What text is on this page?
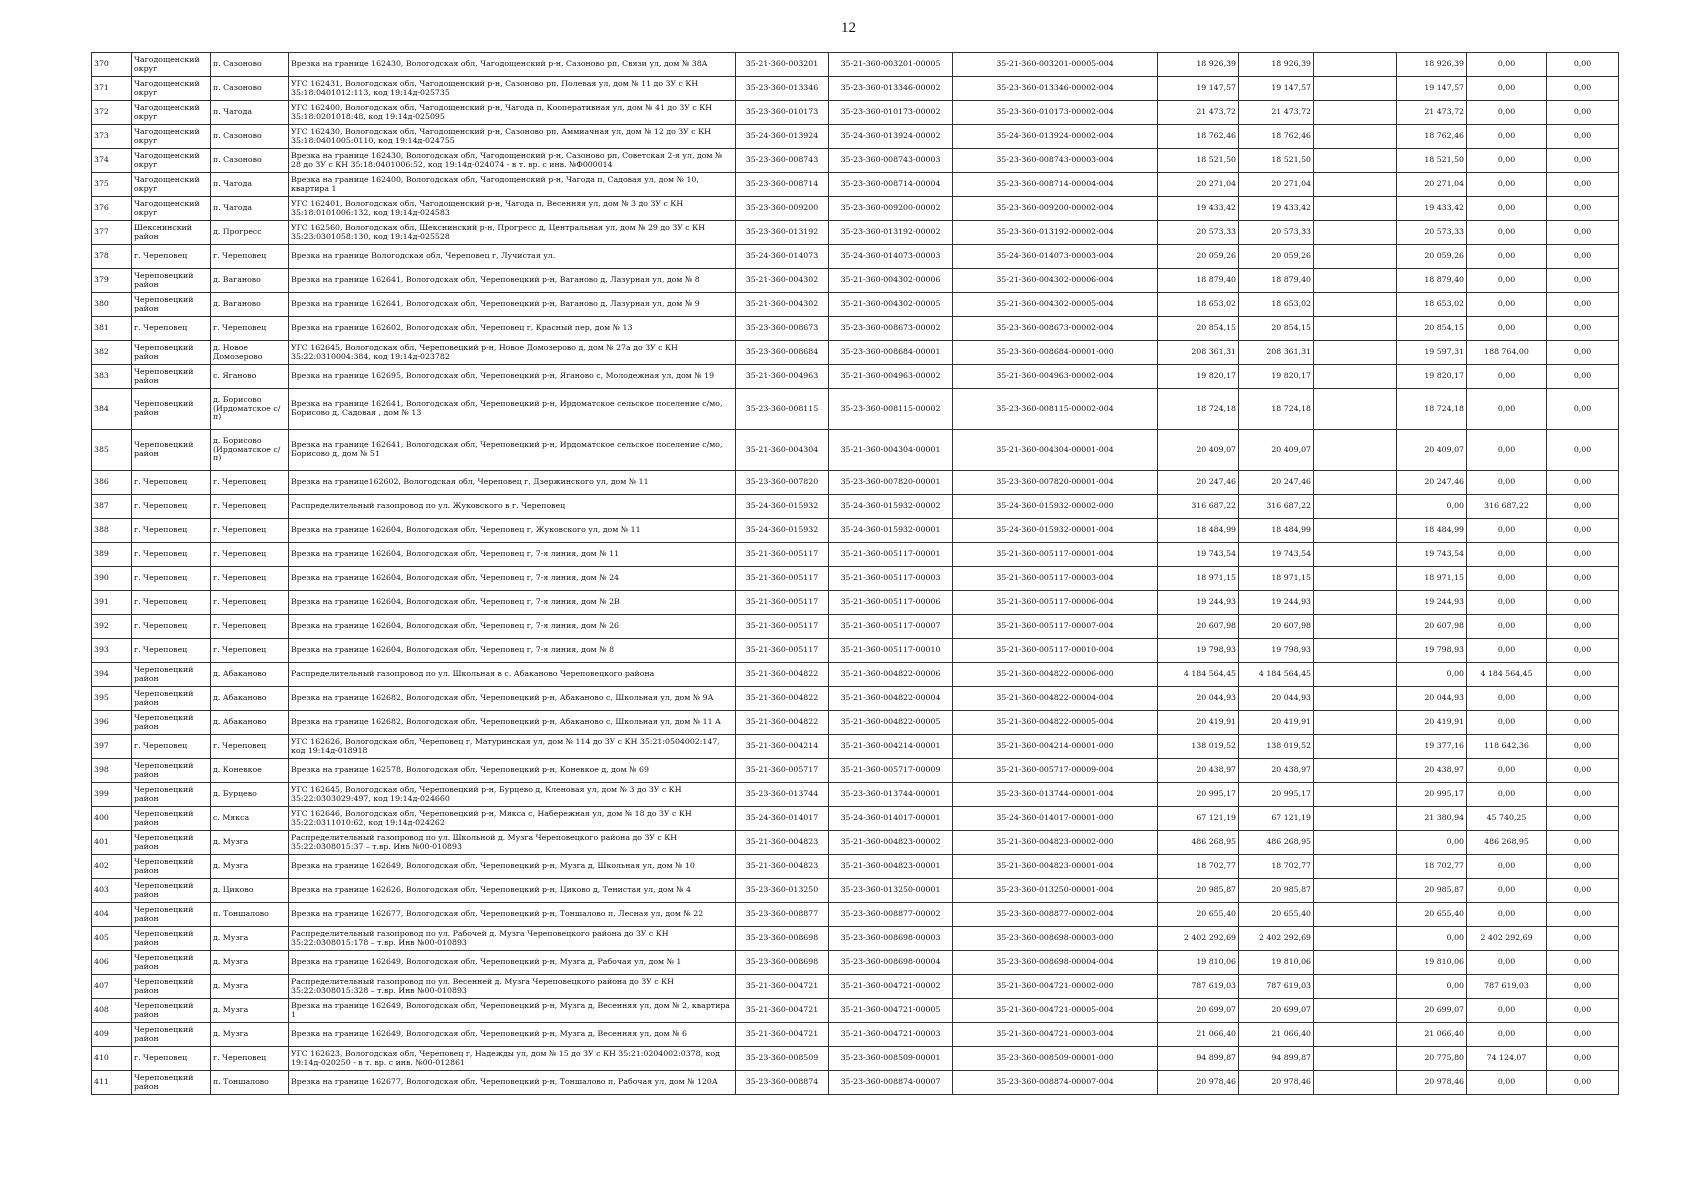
12
370	Чагодощенский округ	п. Сазоново	Врезка на границе 162430, Вологодская обл, Чагодощенский р-н, Сазоново рп, Связи ул, дом № 38А	35-21-360-003201	35-21-360-003201-00005	35-21-360-003201-00005-004	18 926,39	18 926,39		18 926,39	0,00	0,00
371	Чагодощенский округ	п. Сазоново	УГС 162431, Вологодская обл, Чагодощенский р-н, Сазоново рп, Полевая ул, дом № 11 до ЗУ с КН 35:18:0401012:113, код 19:14д-025735	35-23-360-013346	35-23-360-013346-00002	35-23-360-013346-00002-004	19 147,57	19 147,57		19 147,57	0,00	0,00
372	Чагодощенский округ	п. Чагода	УГС 162400, Вологодская обл, Чагодощенский р-н, Чагода п, Кооперативная ул, дом № 41 до ЗУ с КН 35:18:0201018:48, код 19:14д-025095	35-23-360-010173	35-23-360-010173-00002	35-23-360-010173-00002-004	21 473,72	21 473,72		21 473,72	0,00	0,00
373	Чагодощенский округ	п. Сазоново	УГС 162430, Вологодская обл, Чагодощенский р-н, Сазоново рп, Аммиачная ул, дом № 12 до ЗУ с КН 35:18:0401005:0110, код 19:14д-024755	35-24-360-013924	35-24-360-013924-00002	35-24-360-013924-00002-004	18 762,46	18 762,46		18 762,46	0,00	0,00
374	Чагодощенский округ	п. Сазоново	Врезка на границе 162430, Вологодская обл, Чагодощенский р-н, Сазоново рп, Советская 2-я ул, дом № 28 до ЗУ с КН 35:18:0401006:52, код 19:14д-024074 - в т. вр. с инв. №Ф000014	35-23-360-008743	35-23-360-008743-00003	35-23-360-008743-00003-004	18 521,50	18 521,50		18 521,50	0,00	0,00
375	Чагодощенский округ	п. Чагода	Врезка на границе 162400, Вологодская обл, Чагодощенский р-н, Чагода п, Садовая ул, дом № 10, квартира 1	35-23-360-008714	35-23-360-008714-00004	35-23-360-008714-00004-004	20 271,04	20 271,04		20 271,04	0,00	0,00
376	Чагодощенский округ	п. Чагода	УГС 162401, Вологодская обл, Чагодощенский р-н, Чагода п, Весенняя ул, дом № 3 до ЗУ с КН 35:18:0101006:132, код 19:14д-024583	35-23-360-009200	35-23-360-009200-00002	35-23-360-009200-00002-004	19 433,42	19 433,42		19 433,42	0,00	0,00
377	Шекснинский район	д. Прогресс	УГС 162560, Вологодская обл, Шекснинский р-н, Прогресс д, Центральная ул, дом № 29 до ЗУ с КН 35:23:0301058:130, код 19:14д-025528	35-23-360-013192	35-23-360-013192-00002	35-23-360-013192-00002-004	20 573,33	20 573,33		20 573,33	0,00	0,00
378	г. Череповец	г. Череповец	Врезка на границе Вологодская обл, Череповец г, Лучистая ул.	35-24-360-014073	35-24-360-014073-00003	35-24-360-014073-00003-004	20 059,26	20 059,26		20 059,26	0,00	0,00
379	Череповецкий район	д. Ваганово	Врезка на границе 162641, Вологодская обл, Череповецкий р-н, Ваганово д, Лазурная ул, дом № 8	35-21-360-004302	35-21-360-004302-00006	35-21-360-004302-00006-004	18 879,40	18 879,40		18 879,40	0,00	0,00
380	Череповецкий район	д. Ваганово	Врезка на границе 162641, Вологодская обл, Череповецкий р-н, Ваганово д, Лазурная ул, дом № 9	35-21-360-004302	35-21-360-004302-00005	35-21-360-004302-00005-004	18 653,02	18 653,02		18 653,02	0,00	0,00
381	г. Череповец	г. Череповец	Врезка на границе 162602, Вологодская обл, Череповец г, Красный пер, дом № 13	35-23-360-008673	35-23-360-008673-00002	35-23-360-008673-00002-004	20 854,15	20 854,15		20 854,15	0,00	0,00
382	Череповецкий район	д. Новое Домозерово	УГС 162645, Вологодская обл, Череповецкий р-н, Новое Домозерово д, дом № 27а до ЗУ с КН 35:22:0310004:384, код 19:14д-023782	35-23-360-008684	35-23-360-008684-00001	35-23-360-008684-00001-000	208 361,31	208 361,31		19 597,31	188 764,00	0,00
383	Череповецкий район	с. Яганово	Врезка на границе 162695, Вологодская обл, Череповецкий р-н, Яганово с, Молодежная ул, дом № 19	35-21-360-004963	35-21-360-004963-00002	35-21-360-004963-00002-004	19 820,17	19 820,17		19 820,17	0,00	0,00
384	Череповецкий район	д. Борисово (Ирдоматское с/п)	Врезка на границе 162641, Вологодская обл, Череповецкий р-н, Ирдоматское сельское поселение с/мо, Борисово д, Садовая , дом № 13	35-23-360-008115	35-23-360-008115-00002	35-23-360-008115-00002-004	18 724,18	18 724,18		18 724,18	0,00	0,00
385	Череповецкий район	д. Борисово (Ирдоматское с/п)	Врезка на границе 162641, Вологодская обл, Череповецкий р-н, Ирдоматское сельское поселение с/мо, Борисово д, дом № 51	35-21-360-004304	35-21-360-004304-00001	35-21-360-004304-00001-004	20 409,07	20 409,07		20 409,07	0,00	0,00
386	г. Череповец	г. Череповец	Врезка на границе162602, Вологодская обл, Череповец г, Дзержинского ул, дом № 11	35-23-360-007820	35-23-360-007820-00001	35-23-360-007820-00001-004	20 247,46	20 247,46		20 247,46	0,00	0,00
387	г. Череповец	г. Череповец	Распределительный газопровод по ул. Жуковского в г. Череповец	35-24-360-015932	35-24-360-015932-00002	35-24-360-015932-00002-000	316 687,22	316 687,22		0,00	316 687,22	0,00
388	г. Череповец	г. Череповец	Врезка на границе 162604, Вологодская обл, Череповец г, Жуковского ул, дом № 11	35-24-360-015932	35-24-360-015932-00001	35-24-360-015932-00001-004	18 484,99	18 484,99		18 484,99	0,00	0,00
389	г. Череповец	г. Череповец	Врезка на границе 162604, Вологодская обл, Череповец г, 7-я линия, дом № 11	35-21-360-005117	35-21-360-005117-00001	35-21-360-005117-00001-004	19 743,54	19 743,54		19 743,54	0,00	0,00
390	г. Череповец	г. Череповец	Врезка на границе 162604, Вологодская обл, Череповец г, 7-я линия, дом № 24	35-21-360-005117	35-21-360-005117-00003	35-21-360-005117-00003-004	18 971,15	18 971,15		18 971,15	0,00	0,00
391	г. Череповец	г. Череповец	Врезка на границе 162604, Вологодская обл, Череповец г, 7-я линия, дом № 2В	35-21-360-005117	35-21-360-005117-00006	35-21-360-005117-00006-004	19 244,93	19 244,93		19 244,93	0,00	0,00
392	г. Череповец	г. Череповец	Врезка на границе 162604, Вологодская обл, Череповец г, 7-я линия, дом № 26	35-21-360-005117	35-21-360-005117-00007	35-21-360-005117-00007-004	20 607,98	20 607,98		20 607,98	0,00	0,00
393	г. Череповец	г. Череповец	Врезка на границе 162604, Вологодская обл, Череповец г, 7-я линия, дом № 8	35-21-360-005117	35-21-360-005117-00010	35-21-360-005117-00010-004	19 798,93	19 798,93		19 798,93	0,00	0,00
394	Череповецкий район	д. Абаканово	Распределительный газопровод по ул. Школьная в с. Абаканово Череповецкого района	35-21-360-004822	35-21-360-004822-00006	35-21-360-004822-00006-000	4 184 564,45	4 184 564,45		0,00	4 184 564,45	0,00
395	Череповецкий район	д. Абаканово	Врезка на границе 162682, Вологодская обл, Череповецкий р-н, Абаканово с, Школьная ул, дом № 9А	35-21-360-004822	35-21-360-004822-00004	35-21-360-004822-00004-004	20 044,93	20 044,93		20 044,93	0,00	0,00
396	Череповецкий район	д. Абаканово	Врезка на границе 162682, Вологодская обл, Череповецкий р-н, Абаканово с, Школьная ул, дом № 11 А	35-21-360-004822	35-21-360-004822-00005	35-21-360-004822-00005-004	20 419,91	20 419,91		20 419,91	0,00	0,00
397	г. Череповец	г. Череповец	УГС 162626, Вологодская обл, Череповец г, Матуринская ул, дом № 114 до ЗУ с КН 35:21:0504002:147, код 19:14д-018918	35-21-360-004214	35-21-360-004214-00001	35-21-360-004214-00001-000	138 019,52	138 019,52		19 377,16	118 642,36	0,00
398	Череповецкий район	д. Коневкое	Врезка на границе 162578, Вологодская обл, Череповецкий р-н, Коневкое д, дом № 69	35-21-360-005717	35-21-360-005717-00009	35-21-360-005717-00009-004	20 438,97	20 438,97		20 438,97	0,00	0,00
399	Череповецкий район	д. Бурцево	УГС 162645, Вологодская обл, Череповецкий р-н, Бурцево д, Кленовая ул, дом № 3 до ЗУ с КН 35:22:0303029:497, код 19:14д-024660	35-23-360-013744	35-23-360-013744-00001	35-23-360-013744-00001-004	20 995,17	20 995,17		20 995,17	0,00	0,00
400	Череповецкий район	с. Мякса	УГС 162646, Вологодская обл, Череповецкий р-н, Мякса с, Набережная ул, дом № 18 до ЗУ с КН 35:22:0311010:62, код 19:14д-024262	35-24-360-014017	35-24-360-014017-00001	35-24-360-014017-00001-000	67 121,19	67 121,19		21 380,94	45 740,25	0,00
401	Череповецкий район	д. Музга	Распределительный газопровод по ул. Школьной д. Музга Череповецкого района до ЗУ с КН 35:22:0308015:37 – т.вр. Инв №00-010893	35-21-360-004823	35-21-360-004823-00002	35-21-360-004823-00002-000	486 268,95	486 268,95		0,00	486 268,95	0,00
402	Череповецкий район	д. Музга	Врезка на границе 162649, Вологодская обл, Череповецкий р-н, Музга д, Школьная ул, дом № 10	35-21-360-004823	35-21-360-004823-00001	35-21-360-004823-00001-004	18 702,77	18 702,77		18 702,77	0,00	0,00
403	Череповецкий район	д. Циково	Врезка на границе 162626, Вологодская обл, Череповецкий р-н, Циково д, Тенистая ул, дом № 4	35-23-360-013250	35-23-360-013250-00001	35-23-360-013250-00001-004	20 985,87	20 985,87		20 985,87	0,00	0,00
404	Череповецкий район	п. Тоншалово	Врезка на границе 162677, Вологодская обл, Череповецкий р-н, Тоншалово п, Лесная ул, дом № 22	35-23-360-008877	35-23-360-008877-00002	35-23-360-008877-00002-004	20 655,40	20 655,40		20 655,40	0,00	0,00
405	Череповецкий район	д. Музга	Распределительный газопровод по ул. Рабочей д. Музга Череповецкого района до ЗУ с КН 35:22:0308015:178 – т.вр. Инв №00-010893	35-23-360-008698	35-23-360-008698-00003	35-23-360-008698-00003-000	2 402 292,69	2 402 292,69		0,00	2 402 292,69	0,00
406	Череповецкий район	д. Музга	Врезка на границе 162649, Вологодская обл, Череповецкий р-н, Музга д, Рабочая ул, дом № 1	35-23-360-008698	35-23-360-008698-00004	35-23-360-008698-00004-004	19 810,06	19 810,06		19 810,06	0,00	0,00
407	Череповецкий район	д. Музга	Распределительный газопровод по ул. Весенней д. Музга Череповецкого района до ЗУ с КН 35:22:0308015:328 – т.вр. Инв №00-010893	35-21-360-004721	35-21-360-004721-00002	35-21-360-004721-00002-000	787 619,03	787 619,03		0,00	787 619,03	0,00
408	Череповецкий район	д. Музга	Врезка на границе 162649, Вологодская обл, Череповецкий р-н, Музга д, Весенняя ул, дом № 2, квартира 1	35-21-360-004721	35-21-360-004721-00005	35-21-360-004721-00005-004	20 699,07	20 699,07		20 699,07	0,00	0,00
409	Череповецкий район	д. Музга	Врезка на границе 162649, Вологодская обл, Череповецкий р-н, Музга д, Весенняя ул, дом № 6	35-21-360-004721	35-21-360-004721-00003	35-21-360-004721-00003-004	21 066,40	21 066,40		21 066,40	0,00	0,00
410	г. Череповец	г. Череповец	УГС 162623, Вологодская обл, Череповец г, Надежды ул, дом № 15 до ЗУ с КН 35:21:0204002:0378, код 19:14д-020250 - в т. вр. с инв. №00-012861	35-23-360-008509	35-23-360-008509-00001	35-23-360-008509-00001-000	94 899,87	94 899,87		20 775,80	74 124,07	0,00
411	Череповецкий район	п. Тоншалово	Врезка на границе 162677, Вологодская обл, Череповецкий р-н, Тоншалово п, Рабочая ул, дом № 120А	35-23-360-008874	35-23-360-008874-00007	35-23-360-008874-00007-004	20 978,46	20 978,46		20 978,46	0,00	0,00
